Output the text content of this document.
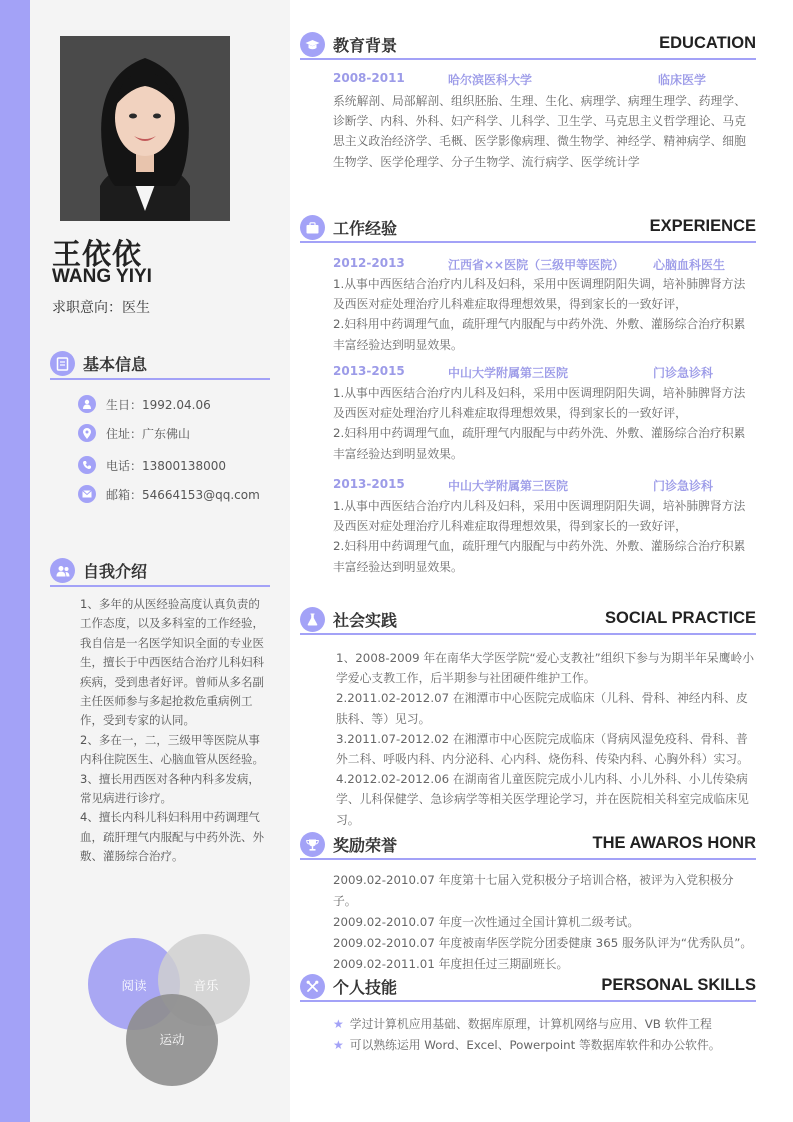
王依依
WANG YIYI
求职意向：医生
基本信息
生日：1992.04.06
住址：广东佛山
电话：13800138000
邮箱：54664153@qq.com
自我介绍

1、多年的从医经验高度认真负责的工作态度，以及多科室的工作经验，我自信是一名医学知识全面的专业医生，擅长于中西医结合治疗儿科妇科疾病，受到患者好评。曾师从多名副主任医师参与多起抢救危重病例工作，受到专家的认同。

2、多在一，二，三级甲等医院从事内科住院医生、心脑血管从医经验。

3、擅长用西医对各种内科多发病，常见病进行诊疗。

4、擅长内科儿科妇科用中药调理气血，疏肝理气内服配与中药外洗、外敷、灌肠综合治疗。

阅读	音乐
运动
教育背景	EDUCATION
2008-2011	哈尔滨医科大学	临床医学

系统解剖、局部解剖、组织胚胎、生理、生化、病理学、病理生理学、药理学、诊断学、内科、外科、妇产科学、儿科学、卫生学、马克思主义哲学理论、马克思主义政治经济学、毛概、医学影像病理、微生物学、神经学、精神病学、细胞生物学、医学伦理学、分子生物学、流行病学、医学统计学

工作经验	EXPERIENCE
2012-2013	江西省××医院（三级甲等医院） 心脑血科医生

1.从事中西医结合治疗内儿科及妇科，采用中医调理阴阳失调，培补肺脾肾方法及西医对症处理治疗儿科难症取得理想效果，得到家长的一致好评，

2.妇科用中药调理气血，疏肝理气内服配与中药外洗、外敷、灌肠综合治疗积累丰富经验达到明显效果。

2013-2015	中山大学附属第三医院	门诊急诊科

1.从事中西医结合治疗内儿科及妇科，采用中医调理阴阳失调，培补肺脾肾方法及西医对症处理治疗儿科难症取得理想效果，得到家长的一致好评，

2.妇科用中药调理气血，疏肝理气内服配与中药外洗、外敷、灌肠综合治疗积累丰富经验达到明显效果。

2013-2015	中山大学附属第三医院	门诊急诊科

1.从事中西医结合治疗内儿科及妇科，采用中医调理阴阳失调，培补肺脾肾方法及西医对症处理治疗儿科难症取得理想效果，得到家长的一致好评，

2.妇科用中药调理气血，疏肝理气内服配与中药外洗、外敷、灌肠综合治疗积累丰富经验达到明显效果。

社会实践	SOCIAL PRACTICE

1、2008-2009 年在南华大学医学院“爱心支教社”组织下参与为期半年呆鹰岭小学爱心支教工作，后半期参与社团硬件维护工作。

2.2011.02-2012.07 在湘潭市中心医院完成临床（儿科、骨科、神经内科、皮肤科、等）见习。

3.2011.07-2012.02 在湘潭市中心医院完成临床（肾病风湿免疫科、骨科、普外二科、呼吸内科、内分泌科、心内科、烧伤科、传染内科、心胸外科）实习。

4.2012.02-2012.06 在湖南省儿童医院完成小儿内科、小儿外科、小儿传染病学、儿科保健学、急诊病学等相关医学理论学习，并在医院相关科室完成临床见习。

奖励荣誉	THE AWAROS HONR

2009.02-2010.07 年度第十七届入党积极分子培训合格，被评为入党积极分子。

2009.02-2010.07 年度一次性通过全国计算机二级考试。

2009.02-2010.07 年度被南华医学院分团委健康 365 服务队评为“优秀队员”。

2009.02-2011.01 年度担任过三期副班长。

个人技能	PERSONAL SKILLS
★ 学过计算机应用基础、数据库原理，计算机网络与应用、VB 软件工程
★ 可以熟练运用 Word、Excel、Powerpoint 等数据库软件和办公软件。
